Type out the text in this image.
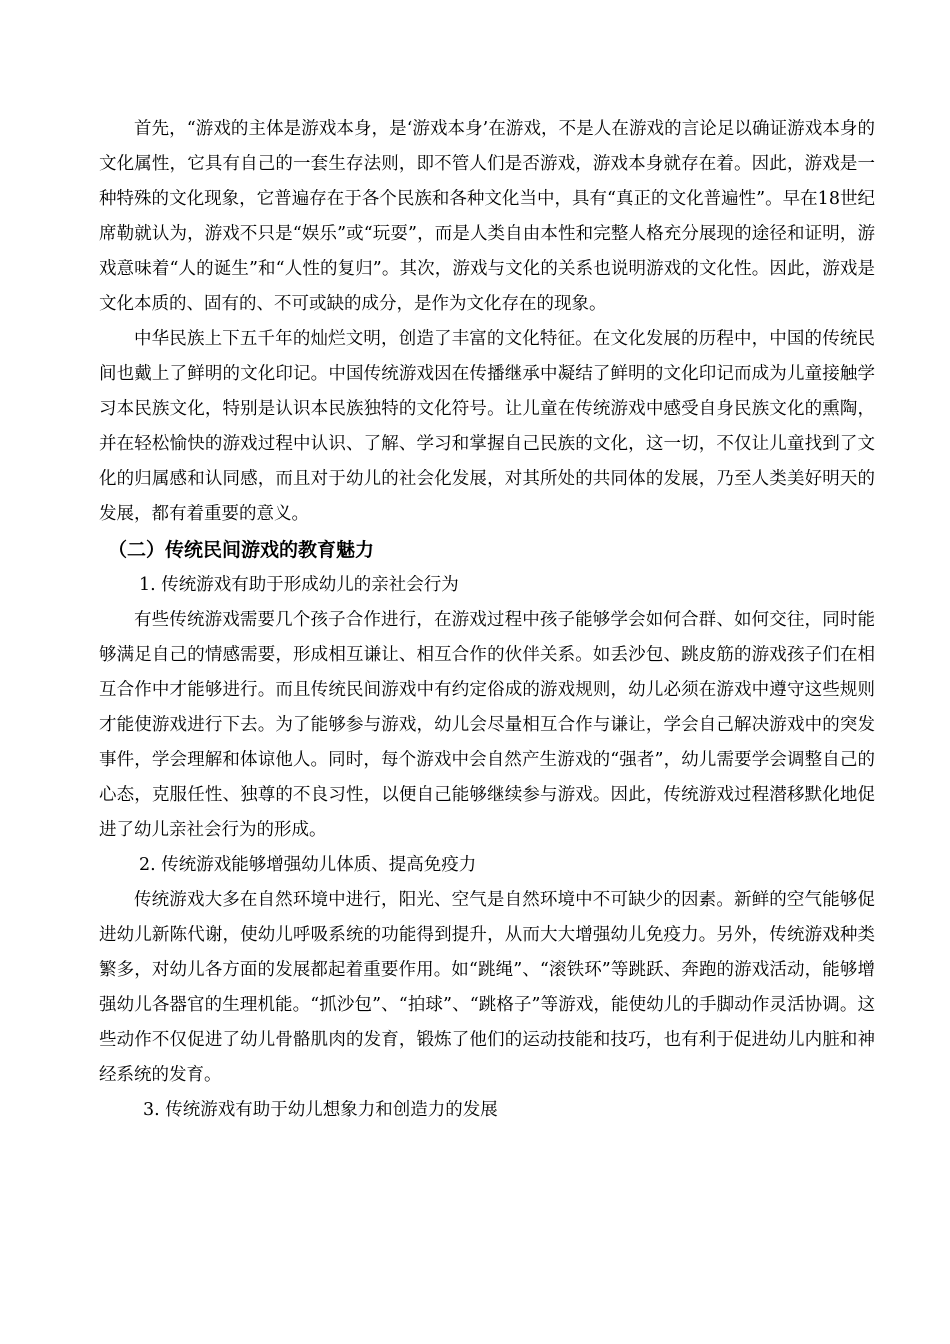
首先，“游戏的主体是游戏本身，是‘游戏本身’在游戏，不是人在游戏的言论足以确证游戏本身的文化属性，它具有自己的一套生存法则，即不管人们是否游戏，游戏本身就存在着。因此，游戏是一种特殊的文化现象，它普遍存在于各个民族和各种文化当中，具有“真正的文化普遍性”。早在18世纪席勒就认为，游戏不只是“娱乐”或“玩耍”，而是人类自由本性和完整人格充分展现的途径和证明，游戏意味着“人的诞生”和“人性的复归”。其次，游戏与文化的关系也说明游戏的文化性。因此，游戏是文化本质的、固有的、不可或缺的成分，是作为文化存在的现象。

中华民族上下五千年的灿烂文明，创造了丰富的文化特征。在文化发展的历程中，中国的传统民间也戴上了鲜明的文化印记。中国传统游戏因在传播继承中凝结了鲜明的文化印记而成为儿童接触学习本民族文化，特别是认识本民族独特的文化符号。让儿童在传统游戏中感受自身民族文化的熏陶，并在轻松愉快的游戏过程中认识、了解、学习和掌握自己民族的文化，这一切，不仅让儿童找到了文化的归属感和认同感，而且对于幼儿的社会化发展，对其所处的共同体的发展，乃至人类美好明天的发展，都有着重要的意义。

（二）传统民间游戏的教育魅力

1. 传统游戏有助于形成幼儿的亲社会行为

有些传统游戏需要几个孩子合作进行，在游戏过程中孩子能够学会如何合群、如何交往，同时能够满足自己的情感需要，形成相互谦让、相互合作的伙伴关系。如丢沙包、跳皮筋的游戏孩子们在相互合作中才能够进行。而且传统民间游戏中有约定俗成的游戏规则，幼儿必须在游戏中遵守这些规则才能使游戏进行下去。为了能够参与游戏，幼儿会尽量相互合作与谦让，学会自己解决游戏中的突发事件，学会理解和体谅他人。同时，每个游戏中会自然产生游戏的“强者”，幼儿需要学会调整自己的心态，克服任性、独尊的不良习性，以便自己能够继续参与游戏。因此，传统游戏过程潜移默化地促进了幼儿亲社会行为的形成。

2. 传统游戏能够增强幼儿体质、提高免疫力

传统游戏大多在自然环境中进行，阳光、空气是自然环境中不可缺少的因素。新鲜的空气能够促进幼儿新陈代谢，使幼儿呼吸系统的功能得到提升，从而大大增强幼儿免疫力。另外，传统游戏种类繁多，对幼儿各方面的发展都起着重要作用。如“跳绳”、“滚铁环”等跳跃、奔跑的游戏活动，能够增强幼儿各器官的生理机能。“抓沙包”、“拍球”、“跳格子”等游戏，能使幼儿的手脚动作灵活协调。这些动作不仅促进了幼儿骨骼肌肉的发育，锻炼了他们的运动技能和技巧，也有利于促进幼儿内脏和神经系统的发育。

3. 传统游戏有助于幼儿想象力和创造力的发展
